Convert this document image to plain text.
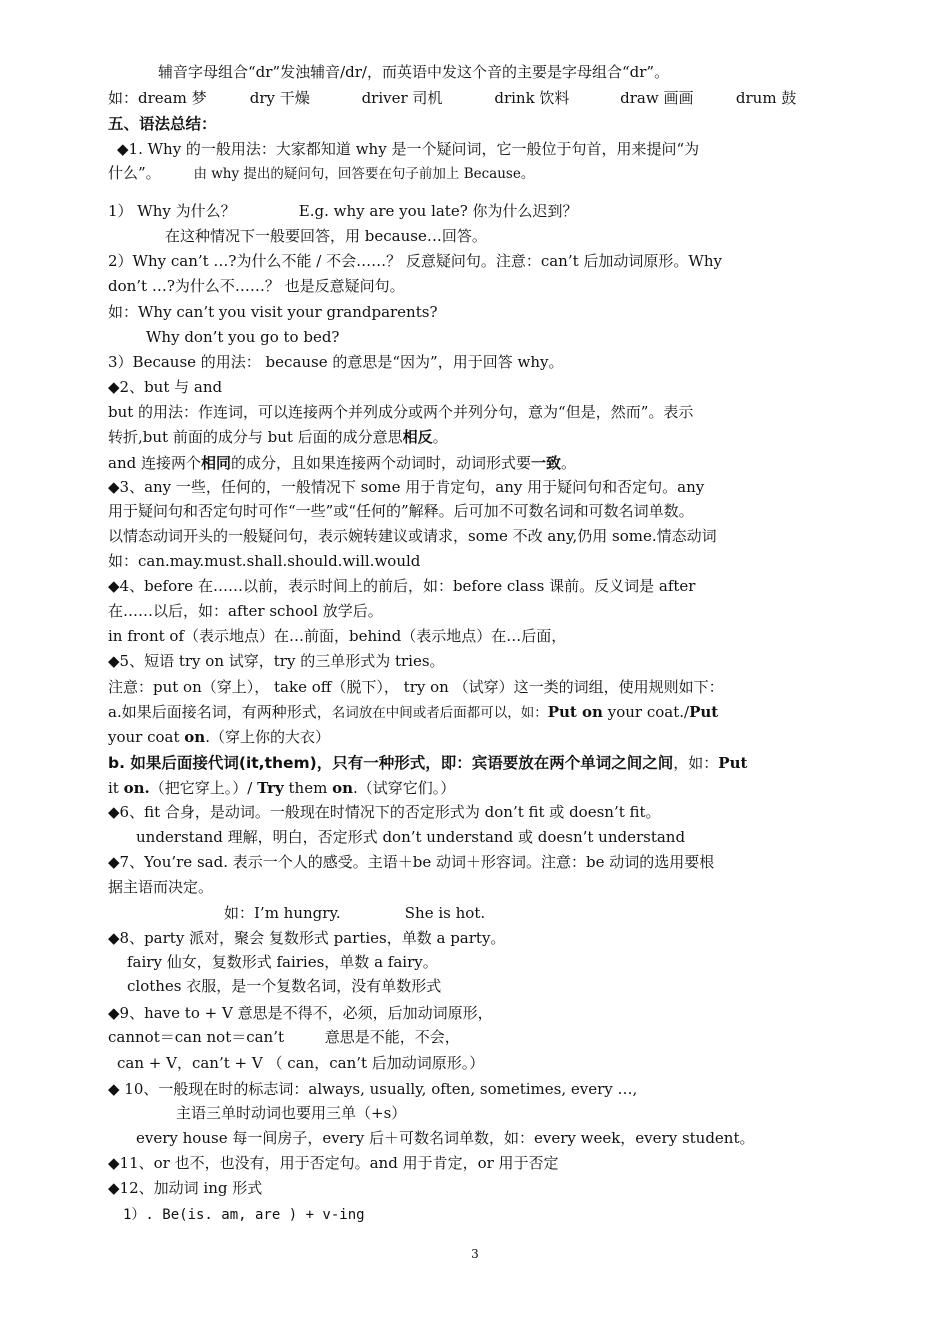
辅音字母组合“dr”发浊辅音/dr/，而英语中发这个音的主要是字母组合“dr”。
如：dream 梦	dry 干燥	driver 司机	drink 饮料	draw 画画	drum 鼓
五、语法总结：
◆1. Why 的一般用法：大家都知道 why 是一个疑问词，它一般位于句首，用来提问“为
什么”。 由 why 提出的疑问句，回答要在句子前加上 Because。
1） Why 为什么？	E.g. why are you late? 你为什么迟到？
在这种情况下一般要回答，用 because…回答。
2）Why can’t …?为什么不能 / 不会……？ 反意疑问句。注意：can’t 后加动词原形。Why
don’t …?为什么不……？ 也是反意疑问句。
如：Why can’t you visit your grandparents?
Why don’t you go to bed?
3）Because 的用法： because 的意思是“因为”，用于回答 why。
◆2、but 与 and
but 的用法：作连词，可以连接两个并列成分或两个并列分句，意为“但是，然而”。表示
转折,but 前面的成分与 but 后面的成分意思相反。
and 连接两个相同的成分，且如果连接两个动词时，动词形式要一致。
◆3、any 一些，任何的，一般情况下 some 用于肯定句，any 用于疑问句和否定句。any
用于疑问句和否定句时可作“一些”或“任何的”解释。后可加不可数名词和可数名词单数。
以情态动词开头的一般疑问句，表示婉转建议或请求，some 不改 any,仍用 some.情态动词
如：can.may.must.shall.should.will.would
◆4、before 在……以前，表示时间上的前后，如：before class 课前。反义词是 after
在……以后，如：after school 放学后。
in front of（表示地点）在…前面，behind（表示地点）在…后面，
◆5、短语 try on 试穿，try 的三单形式为 tries。
注意：put on（穿上）， take off（脱下）， try on （试穿）这一类的词组，使用规则如下：
a.如果后面接名词，有两种形式，名词放在中间或者后面都可以，如：Put on your coat./Put
your coat on.（穿上你的大衣）
b. 如果后面接代词(it,them)，只有一种形式，即：宾语要放在两个单词之间之间，如：Put
it on.（把它穿上。）/ Try them on.（试穿它们。）
◆6、fit 合身，是动词。一般现在时情况下的否定形式为 don’t fit 或 doesn’t fit。
understand 理解，明白，否定形式 don’t understand 或 doesn’t understand
◆7、You’re sad. 表示一个人的感受。主语＋be 动词＋形容词。注意：be 动词的选用要根
据主语而决定。
如：I’m hungry.	She is hot.
◆8、party 派对，聚会 复数形式 parties，单数 a party。
fairy 仙女，复数形式 fairies，单数 a fairy。
clothes 衣服，是一个复数名词，没有单数形式
◆9、have to + V 意思是不得不，必须，后加动词原形，
cannot＝can not＝can’t	意思是不能，不会，
can + V，can’t + V （ can，can’t 后加动词原形。）
◆ 10、一般现在时的标志词：always, usually, often, sometimes, every …,
主语三单时动词也要用三单（+s）
every house 每一间房子，every 后＋可数名词单数，如：every week，every student。
◆11、or 也不，也没有，用于否定句。and 用于肯定，or 用于否定
◆12、加动词 ing 形式
1）. Be(is. am, are ) + v-ing
3
